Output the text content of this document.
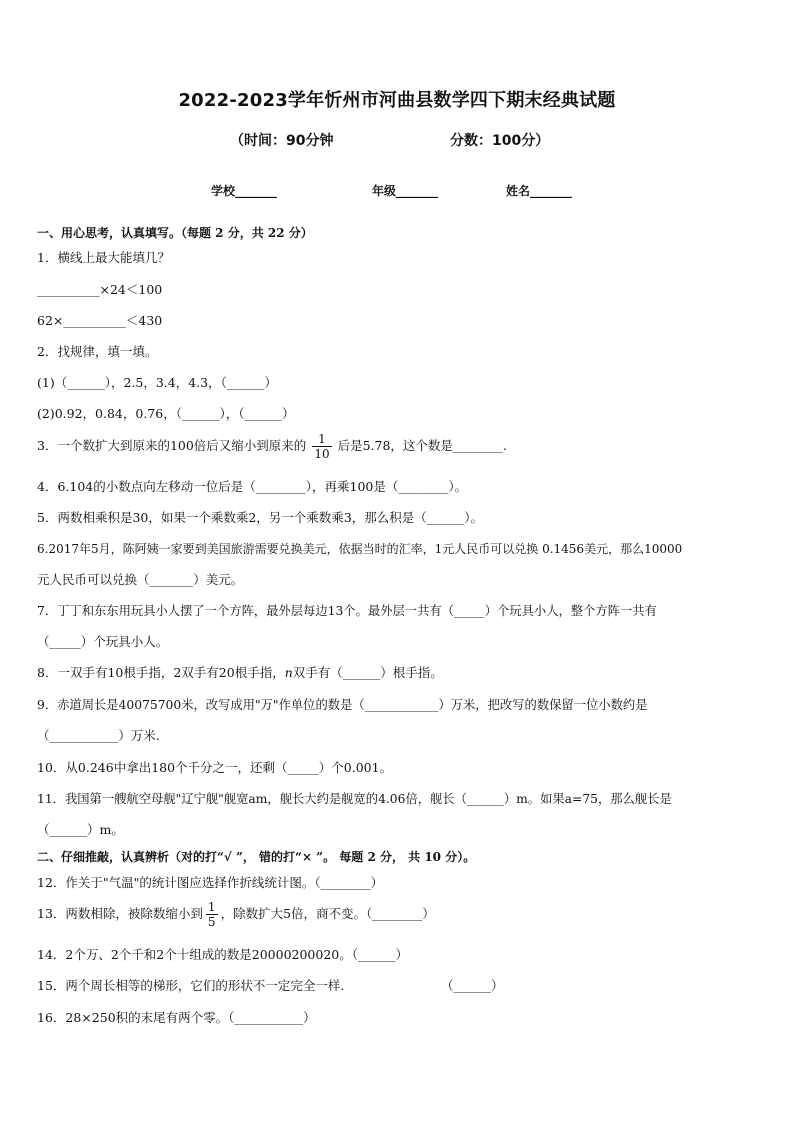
2022-2023学年忻州市河曲县数学四下期末经典试题
（时间：90分钟	分数：100分）
学校_______	年级_______	姓名_______
一、用心思考，认真填写。（每题 2 分，共 22 分）
1．横线上最大能填几？
__________×24＜100
62×__________＜430
2．找规律，填一填。
(1)（______），2.5，3.4，4.3，（______）
(2)0.92，0.84，0.76，（______），（______）
3．一个数扩大到原来的100倍后又缩小到原来的 $\frac{1}{10}$ 后是5.78，这个数是________.
4．6.104的小数点向左移动一位后是（________），再乘100是（________）。
5．两数相乘积是30，如果一个乘数乘2，另一个乘数乘3，那么积是（______）。
6.2017年5月，陈阿姨一家要到美国旅游需要兑换美元，依据当时的汇率，1元人民币可以兑换 0.1456美元，那么10000
元人民币可以兑换（_______）美元。
7．丁丁和东东用玩具小人摆了一个方阵，最外层每边13个。最外层一共有（_____）个玩具小人，整个方阵一共有
（_____）个玩具小人。
8．一双手有10根手指，2双手有20根手指，n双手有（______）根手指。
9．赤道周长是40075700米，改写成用"万"作单位的数是（____________）万米，把改写的数保留一位小数约是
（___________）万米.
10．从0.246中拿出180个千分之一，还剩（_____）个0.001。
11．我国第一艘航空母舰"辽宁舰"舰宽am，舰长大约是舰宽的4.06倍，舰长（______）m。如果a=75，那么舰长是
（______）m。
二、仔细推敲，认真辨析（对的打“√ ”， 错的打“× ”。 每题 2 分， 共 10 分）。
12．作关于"气温"的统计图应选择作折线统计图。（________）
13．两数相除，被除数缩小到 $\frac{1}{5}$ ，除数扩大5倍，商不变。（________）
14．2个万、2个千和2个十组成的数是20000200020。（______）
15．两个周长相等的梯形，它们的形状不一定完全一样.	（______）
16．28×250积的末尾有两个零。（___________）
